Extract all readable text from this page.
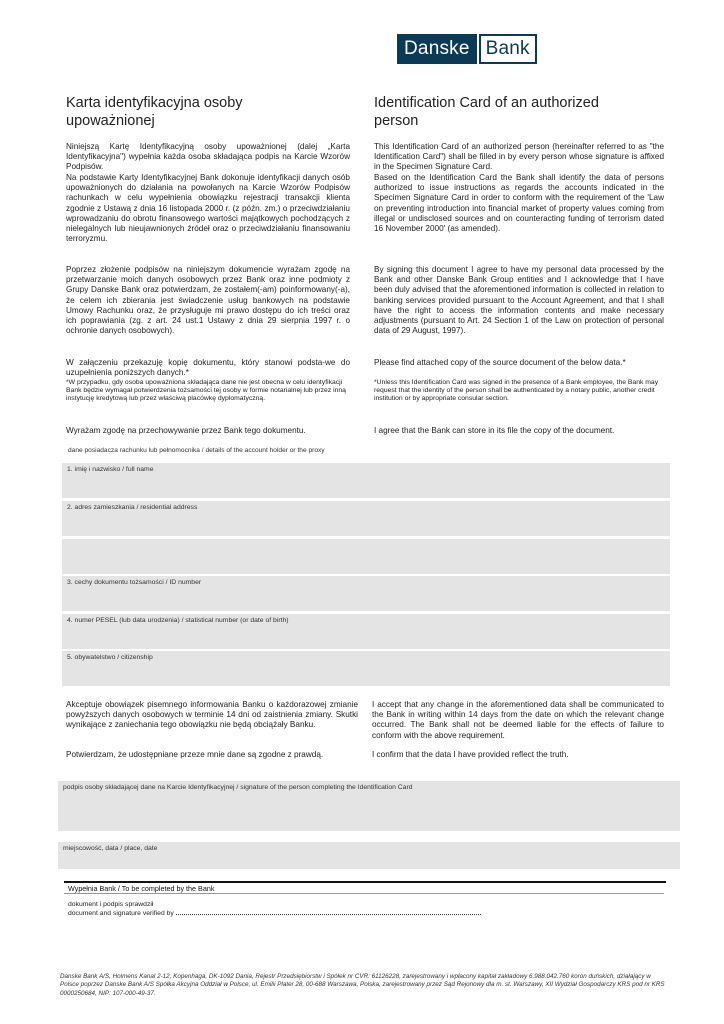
Danske Bank
Karta identyfikacyjna osoby upoważnionej
Identification Card of an authorized person
Niniejszą Kartę Identyfikacyjną osoby upoważnionej (dalej „Karta Identyfikacyjna") wypełnia każda osoba składająca podpis na Karcie Wzorów Podpisów.
Na podstawie Karty Identyfikacyjnej Bank dokonuje identyfikacji danych osób upoważnionych do działania na powołanych na Karcie Wzorów Podpisów rachunkach w celu wypełnienia obowiązku rejestracji transakcji klienta zgodnie z Ustawą z dnia 16 listopada 2000 r. (z późn. zm.) o przeciwdziałaniu wprowadzaniu do obrotu finansowego wartości majątkowych pochodzących z nielegalnych lub nieujawnionych źródeł oraz o przeciwdziałaniu finansowaniu terroryzmu.
This Identification Card of an authorized person (hereinafter referred to as "the Identification Card") shall be filled in by every person whose signature is affixed in the Specimen Signature Card.
Based on the Identification Card the Bank shall identify the data of persons authorized to issue instructions as regards the accounts indicated in the Specimen Signature Card in order to conform with the requirement of the 'Law on preventing introduction into financial market of property values coming from illegal or undisclosed sources and on counteracting funding of terrorism dated 16 November 2000' (as amended).
Poprzez złożenie podpisów na niniejszym dokumencie wyrażam zgodę na przetwarzanie moich danych osobowych przez Bank oraz inne podmioty z Grupy Danske Bank oraz potwierdzam, że zostałem(-am) poinformowany(-a), że celem ich zbierania jest świadczenie usług bankowych na podstawie Umowy Rachunku oraz, że przysługuje mi prawo dostępu do ich treści oraz ich poprawiania (zg. z art. 24 ust.1 Ustawy z dnia 29 sierpnia 1997 r. o ochronie danych osobowych).
By signing this document I agree to have my personal data processed by the Bank and other Danske Bank Group entities and I acknowledge that I have been duly advised that the aforementioned information is collected in relation to banking services provided pursuant to the Account Agreement, and that I shall have the right to access the information contents and make necessary adjustments (pursuant to Art. 24 Section 1 of the Law on protection of personal data of 29 August, 1997).
W załączeniu przekazuję kopię dokumentu, który stanowi podsta-we do uzupełnienia poniższych danych.*
*W przypadku, gdy osoba upoważniona składająca dane nie jest obecna w celu identyfikacji Bank będzie wymagał potwierdzenia tożsamości tej osoby w formie notarialnej lub przez inną instytucję kredytową lub przez właściwą placówkę dyplomatyczną.
Please find attached copy of the source document of the below data.*
*Unless this Identification Card was signed in the presence of a Bank employee, the Bank may request that the identity of the person shall be authenticated by a notary public, another credit institution or by appropriate consular section.
Wyrażam zgodę na przechowywanie przez Bank tego dokumentu.	I agree that the Bank can store in its file the copy of the document.
dane posiadacza rachunku lub pełnomocnika / details of the account holder or the proxy
1. imię i nazwisko / full name
2. adres zamieszkania / residential address
3. cechy dokumentu tożsamości / ID number
4. numer PESEL (lub data urodzenia) / statistical number (or date of birth)
5. obywatelstwo / citizenship
Akceptuje obowiązek pisemnego informowania Banku o każdorazowej zmianie powyższych danych osobowych w terminie 14 dni od zaistnienia zmiany. Skutki wynikające z zaniechania tego obowiązku nie będą obciążały Banku.
I accept that any change in the aforementioned data shall be communicated to the Bank in writing within 14 days from the date on which the relevant change occurred. The Bank shall not be deemed liable for the effects of failure to conform with the above requirement.
Potwierdzam, że udostępniane przeze mnie dane są zgodne z prawdą.	I confirm that the data I have provided reflect the truth.
podpis osoby składającej dane na Karcie Identyfikacyjnej / signature of the person completing the Identification Card
miejscowość, data / place, date
Wypełnia Bank / To be completed by the Bank
dokument i podpis sprawdził
document and signature verified by
Danske Bank A/S, Holmens Kanal 2-12, Kopenhaga, DK-1092 Dania, Rejestr Przedsiębiorstw i Spółek nr CVR: 61126228, zarejestrowany i wpłacony kapitał zakładowy 6.988.042.760 koron duńskich, działający w Polsce poprzez Danske Bank A/S Spółka Akcyjna Oddział w Polsce, ul. Emilii Plater 28, 00-688 Warszawa, Polska, zarejestrowany przez Sąd Rejonowy dla m. st. Warszawy, XII Wydział Gospodarczy KRS pod nr KRS 0000250684, NIP: 107-000-49-37.
